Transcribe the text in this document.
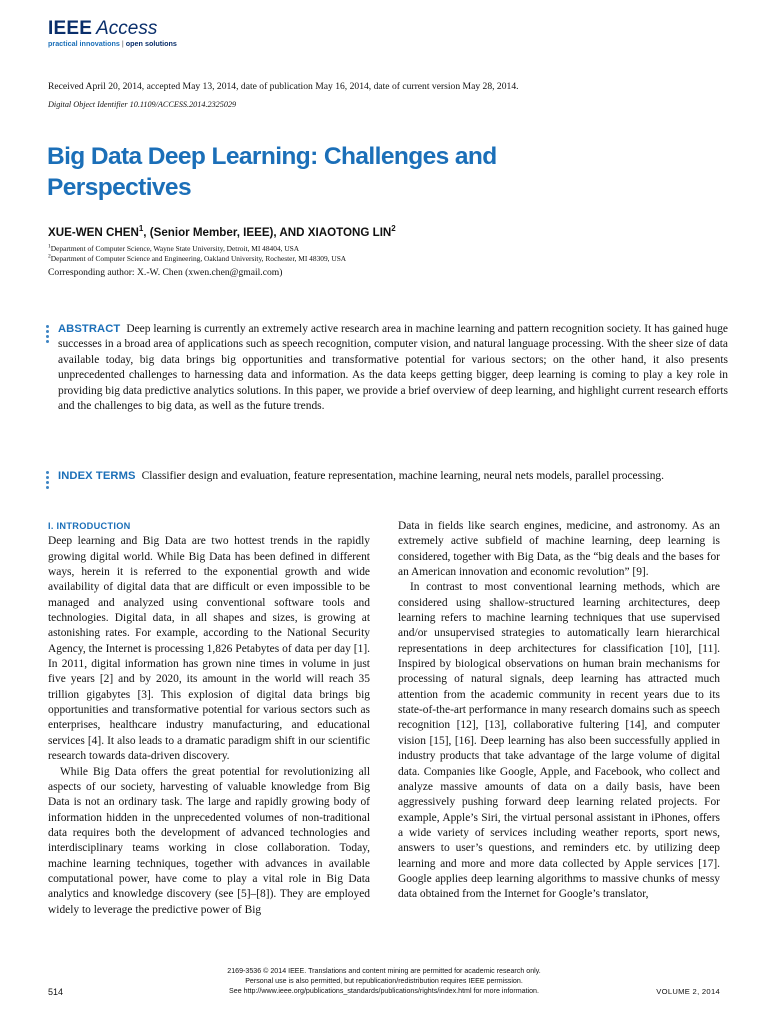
IEEE Access
practical innovations | open solutions
Received April 20, 2014, accepted May 13, 2014, date of publication May 16, 2014, date of current version May 28, 2014.
Digital Object Identifier 10.1109/ACCESS.2014.2325029
Big Data Deep Learning: Challenges and Perspectives
XUE-WEN CHEN$^1$, (Senior Member, IEEE), AND XIAOTONG LIN$^2$
$^1$Department of Computer Science, Wayne State University, Detroit, MI 48404, USA
$^2$Department of Computer Science and Engineering, Oakland University, Rochester, MI 48309, USA
Corresponding author: X.-W. Chen (xwen.chen@gmail.com)
ABSTRACT Deep learning is currently an extremely active research area in machine learning and pattern recognition society. It has gained huge successes in a broad area of applications such as speech recognition, computer vision, and natural language processing. With the sheer size of data available today, big data brings big opportunities and transformative potential for various sectors; on the other hand, it also presents unprecedented challenges to harnessing data and information. As the data keeps getting bigger, deep learning is coming to play a key role in providing big data predictive analytics solutions. In this paper, we provide a brief overview of deep learning, and highlight current research efforts and the challenges to big data, as well as the future trends.
INDEX TERMS Classifier design and evaluation, feature representation, machine learning, neural nets models, parallel processing.
I. INTRODUCTION

Deep learning and Big Data are two hottest trends in the rapidly growing digital world. While Big Data has been defined in different ways, herein it is referred to the exponential growth and wide availability of digital data that are difficult or even impossible to be managed and analyzed using conventional software tools and technologies. Digital data, in all shapes and sizes, is growing at astonishing rates. For example, according to the National Security Agency, the Internet is processing 1,826 Petabytes of data per day [1]. In 2011, digital information has grown nine times in volume in just five years [2] and by 2020, its amount in the world will reach 35 trillion gigabytes [3]. This explosion of digital data brings big opportunities and transformative potential for various sectors such as enterprises, healthcare industry manufacturing, and educational services [4]. It also leads to a dramatic paradigm shift in our scientific research towards data-driven discovery.

While Big Data offers the great potential for revolutionizing all aspects of our society, harvesting of valuable knowledge from Big Data is not an ordinary task. The large and rapidly growing body of information hidden in the unprecedented volumes of non-traditional data requires both the development of advanced technologies and interdisciplinary teams working in close collaboration. Today, machine learning techniques, together with advances in available computational power, have come to play a vital role in Big Data analytics and knowledge discovery (see [5]–[8]). They are employed widely to leverage the predictive power of Big

Data in fields like search engines, medicine, and astronomy. As an extremely active subfield of machine learning, deep learning is considered, together with Big Data, as the “big deals and the bases for an American innovation and economic revolution” [9].

In contrast to most conventional learning methods, which are considered using shallow-structured learning architectures, deep learning refers to machine learning techniques that use supervised and/or unsupervised strategies to automatically learn hierarchical representations in deep architectures for classification [10], [11]. Inspired by biological observations on human brain mechanisms for processing of natural signals, deep learning has attracted much attention from the academic community in recent years due to its state-of-the-art performance in many research domains such as speech recognition [12], [13], collaborative fultering [14], and computer vision [15], [16]. Deep learning has also been successfully applied in industry products that take advantage of the large volume of digital data. Companies like Google, Apple, and Facebook, who collect and analyze massive amounts of data on a daily basis, have been aggressively pushing forward deep learning related projects. For example, Apple’s Siri, the virtual personal assistant in iPhones, offers a wide variety of services including weather reports, sport news, answers to user’s questions, and reminders etc. by utilizing deep learning and more and more data collected by Apple services [17]. Google applies deep learning algorithms to massive chunks of messy data obtained from the Internet for Google’s translator,

514
2169-3536 © 2014 IEEE. Translations and content mining are permitted for academic research only.
Personal use is also permitted, but republication/redistribution requires IEEE permission.
See http://www.ieee.org/publications_standards/publications/rights/index.html for more information.	VOLUME 2, 2014
